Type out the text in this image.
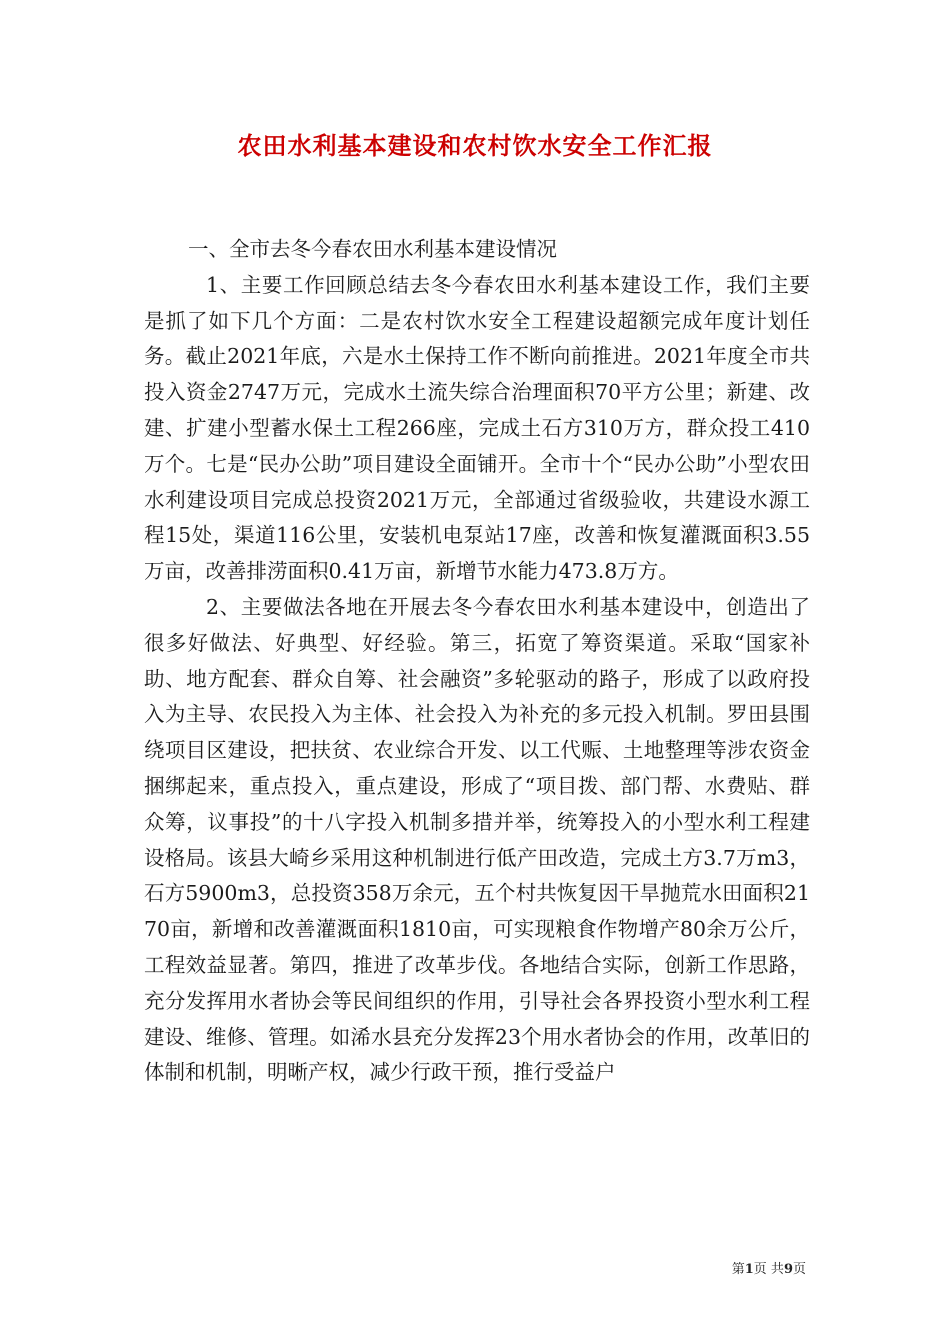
农田水利基本建设和农村饮水安全工作汇报

一、全市去冬今春农田水利基本建设情况

1、主要工作回顾总结去冬今春农田水利基本建设工作，我们主要是抓了如下几个方面：二是农村饮水安全工程建设超额完成年度计划任务。截止2021年底，六是水土保持工作不断向前推进。2021年度全市共投入资金2747万元，完成水土流失综合治理面积70平方公里；新建、改建、扩建小型蓄水保土工程266座，完成土石方310万方，群众投工410万个。七是“民办公助”项目建设全面铺开。全市十个“民办公助”小型农田水利建设项目完成总投资2021万元，全部通过省级验收，共建设水源工程15处，渠道116公里，安装机电泵站17座，改善和恢复灌溉面积3.55万亩，改善排涝面积0.41万亩，新增节水能力473.8万方。

2、主要做法各地在开展去冬今春农田水利基本建设中，创造出了很多好做法、好典型、好经验。第三，拓宽了筹资渠道。采取“国家补助、地方配套、群众自筹、社会融资”多轮驱动的路子，形成了以政府投入为主导、农民投入为主体、社会投入为补充的多元投入机制。罗田县围绕项目区建设，把扶贫、农业综合开发、以工代赈、土地整理等涉农资金捆绑起来，重点投入，重点建设，形成了“项目拨、部门帮、水费贴、群众筹，议事投”的十八字投入机制多措并举，统筹投入的小型水利工程建设格局。该县大崎乡采用这种机制进行低产田改造，完成土方3.7万m3，石方5900m3，总投资358万余元，五个村共恢复因干旱抛荒水田面积2170亩，新增和改善灌溉面积1810亩，可实现粮食作物增产80余万公斤，工程效益显著。第四，推进了改革步伐。各地结合实际，创新工作思路，充分发挥用水者协会等民间组织的作用，引导社会各界投资小型水利工程建设、维修、管理。如浠水县充分发挥23个用水者协会的作用，改革旧的体制和机制，明晰产权，减少行政干预，推行受益户

第1页 共9页
